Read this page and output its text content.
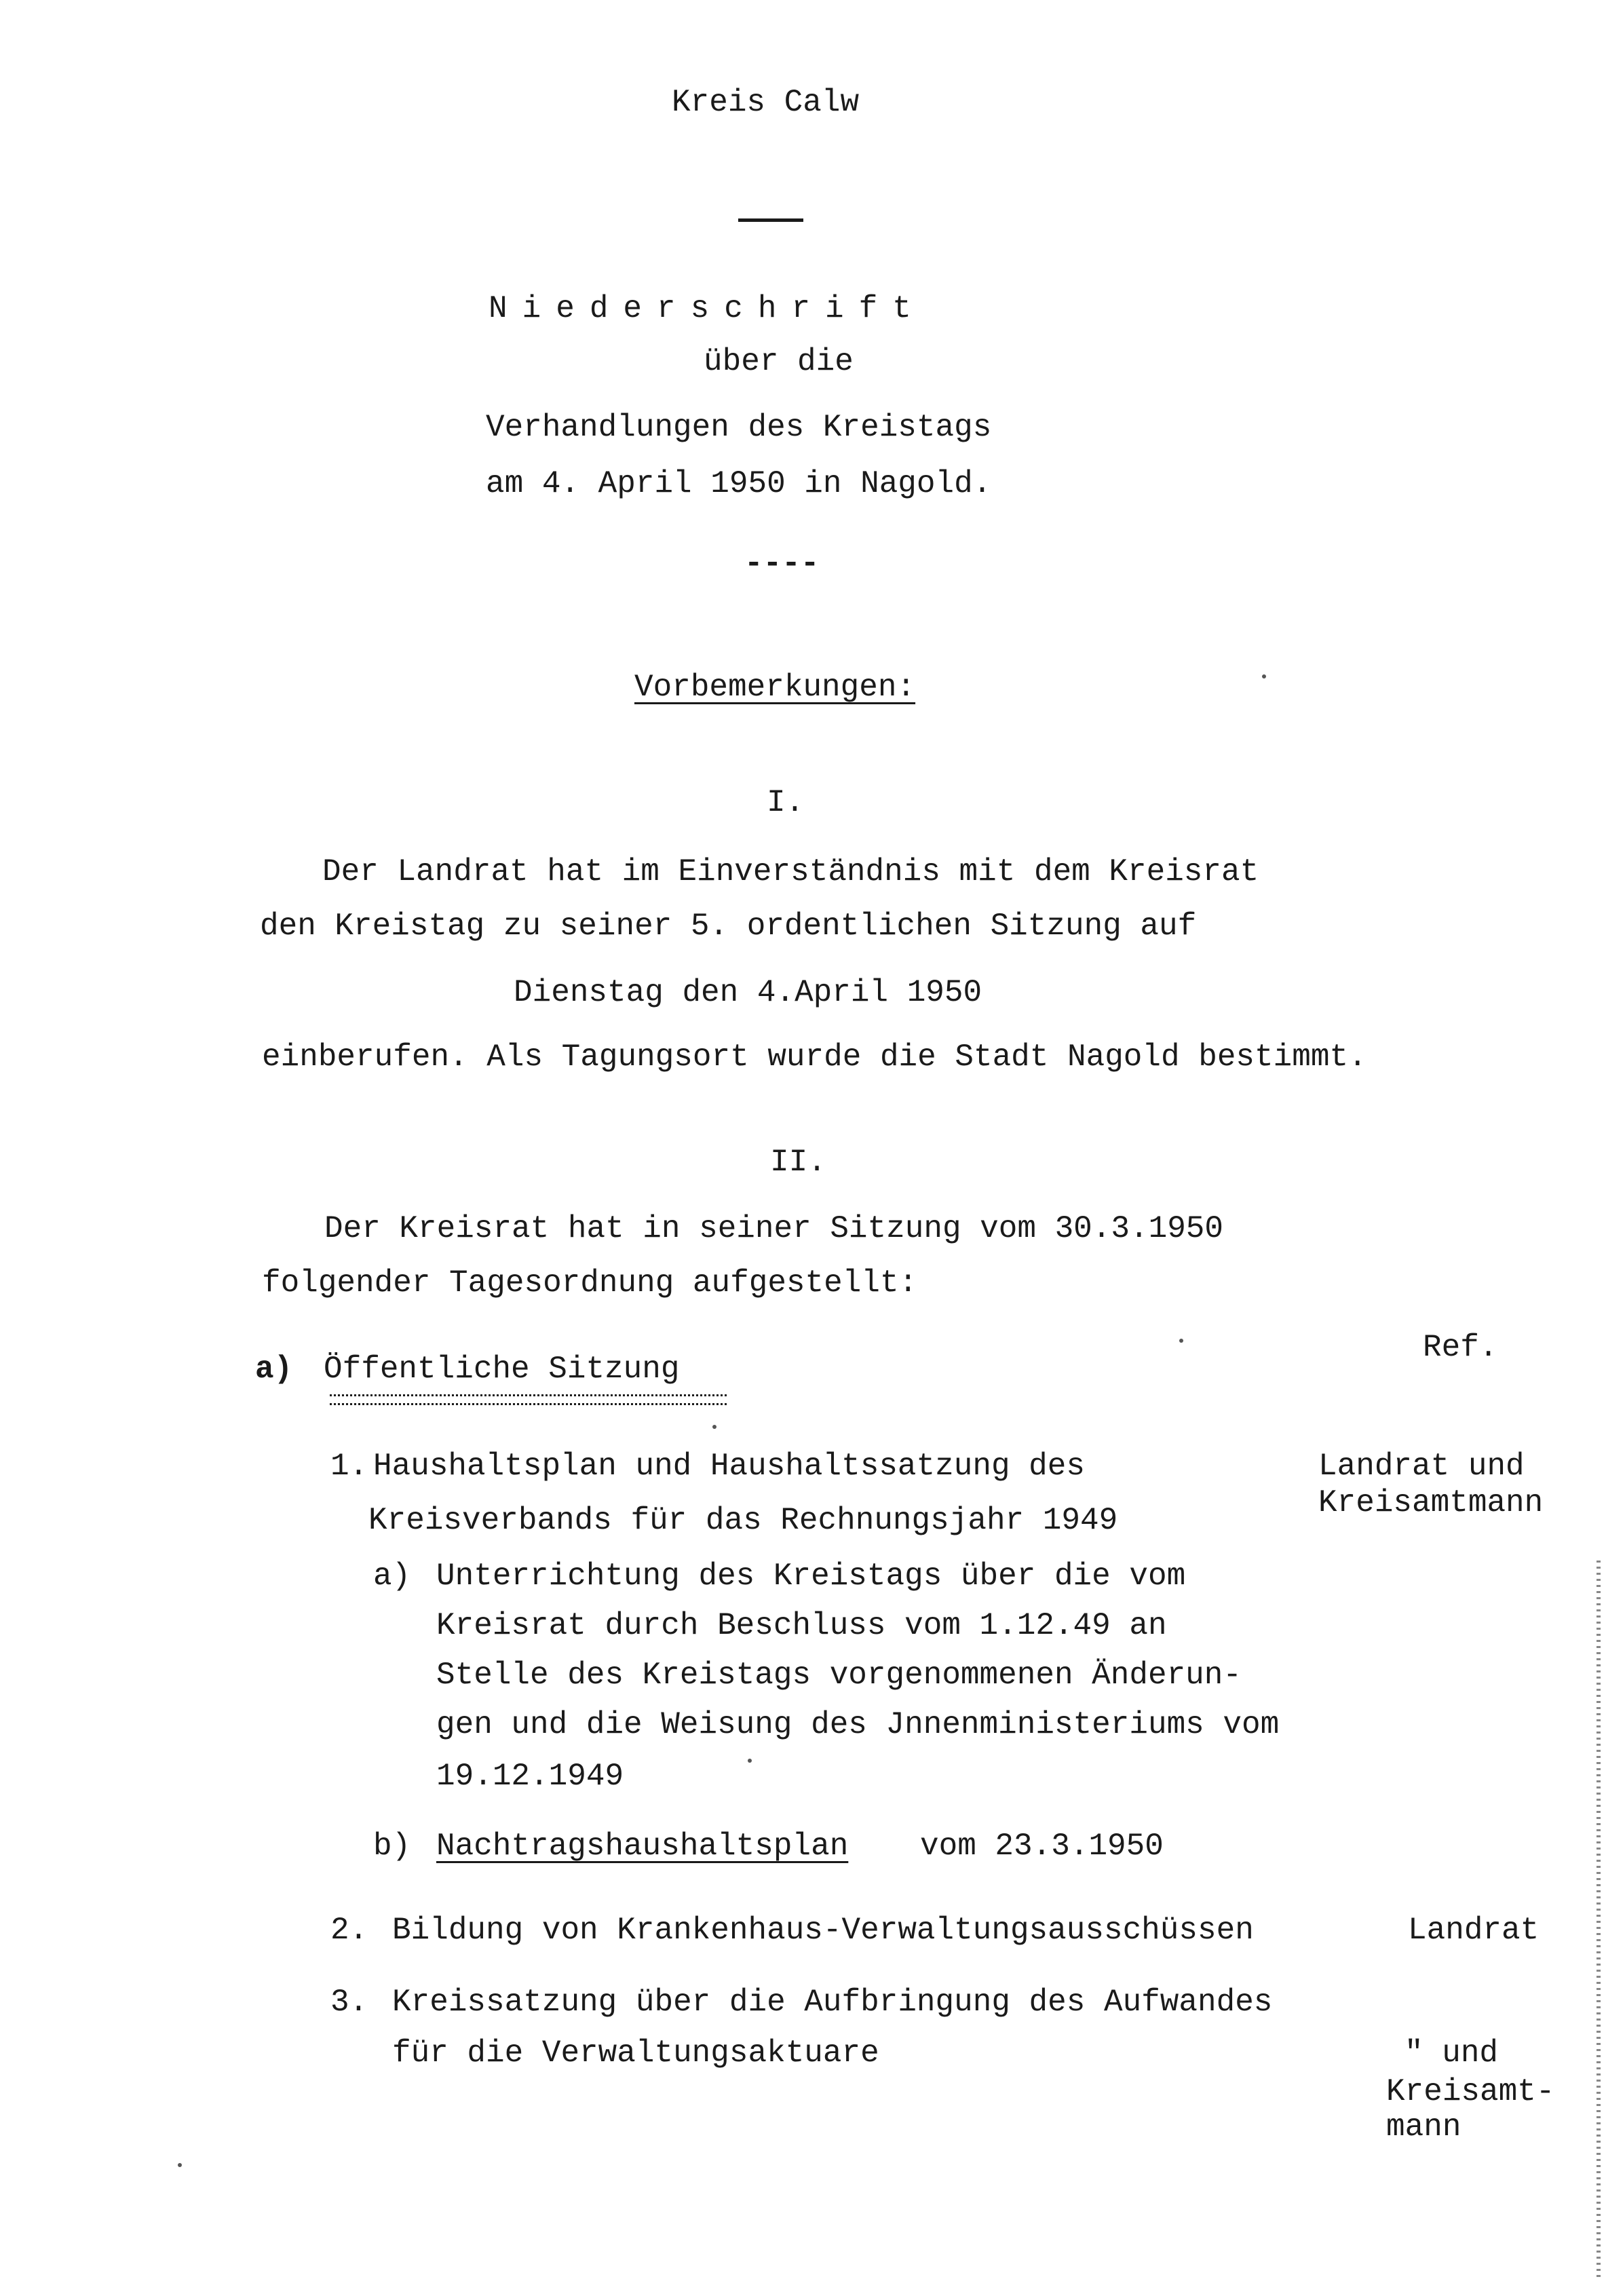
Kreis Calw
Niederschrift
über die
Verhandlungen des Kreistags
am 4. April 1950 in Nagold.
----
Vorbemerkungen:
I.
Der Landrat hat im Einverständnis mit dem Kreisrat
den Kreistag zu seiner 5. ordentlichen Sitzung auf
Dienstag den 4.April 1950
einberufen. Als Tagungsort wurde die Stadt Nagold bestimmt.
II.
Der Kreisrat hat in seiner Sitzung vom 30.3.1950
folgender Tagesordnung aufgestellt:
Ref.
a) Öffentliche Sitzung
1. Haushaltsplan und Haushaltssatzung des
Kreisverbands für das Rechnungsjahr 1949
Landrat und
Kreisamtmann
a) Unterrichtung des Kreistags über die vom
Kreisrat durch Beschluss vom 1.12.49 an
Stelle des Kreistags vorgenommenen Änderun-
gen und die Weisung des Jnnenministeriums vom
19.12.1949
b) Nachtragshaushaltsplan vom 23.3.1950
2. Bildung von Krankenhaus-Verwaltungsausschüssen	Landrat
3. Kreissatzung über die Aufbringung des Aufwandes
für die Verwaltungsaktuare	" und
Kreisamt-
mann
